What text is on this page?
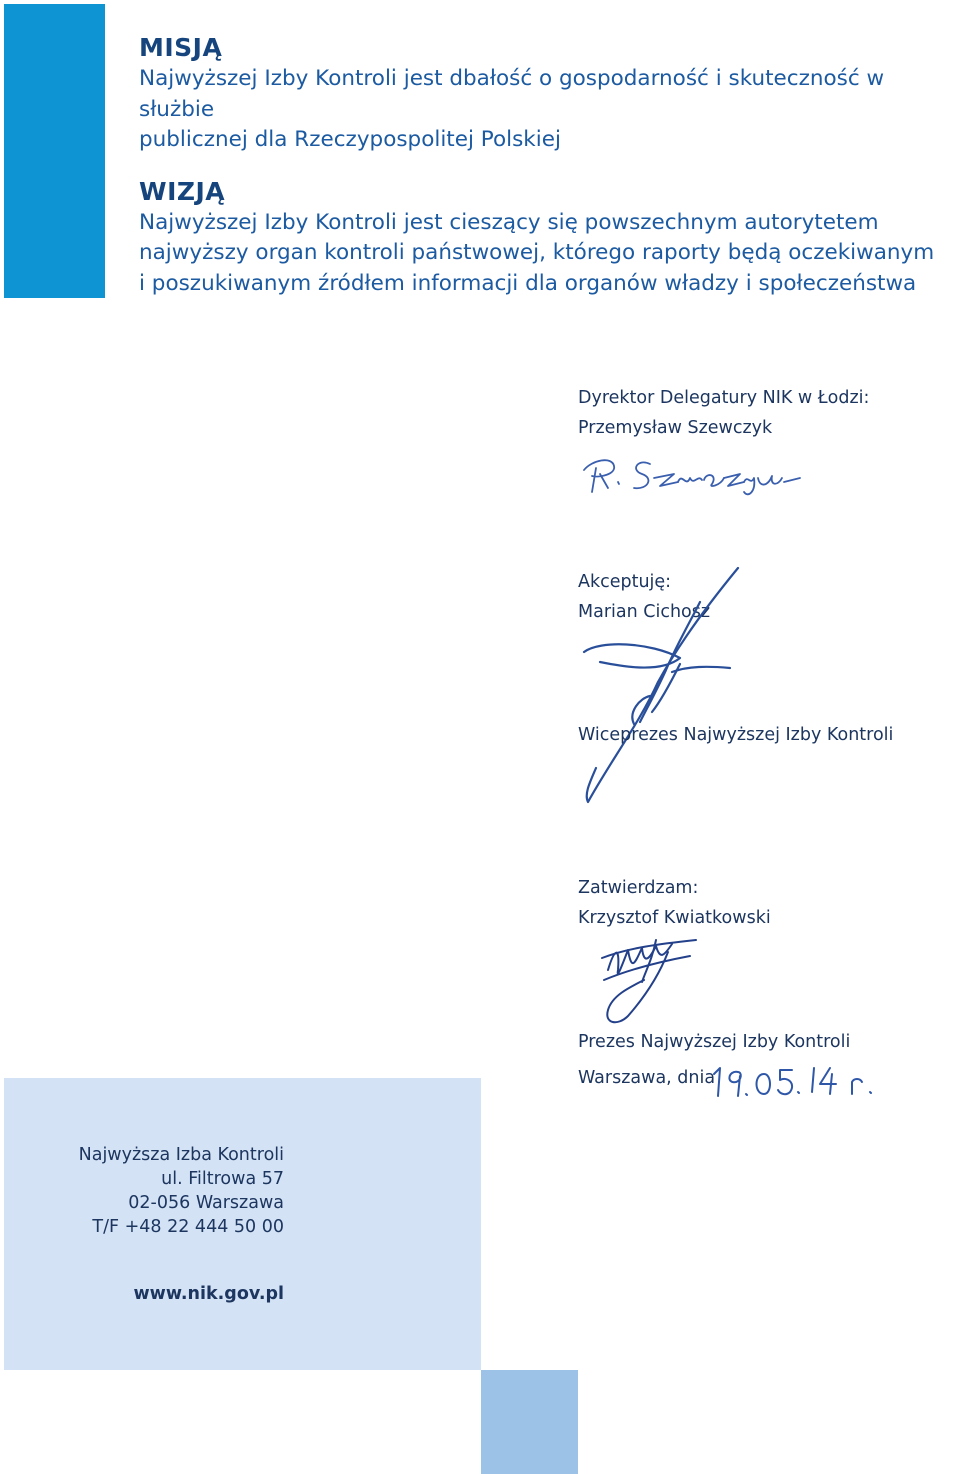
MISJĄ

Najwyższej Izby Kontroli jest dbałość o gospodarność i skuteczność w służbie

publicznej dla Rzeczypospolitej Polskiej

WIZJĄ

Najwyższej Izby Kontroli jest cieszący się powszechnym autorytetem

najwyższy organ kontroli państwowej, którego raporty będą oczekiwanym

i poszukiwanym źródłem informacji dla organów władzy i społeczeństwa

Dyrektor Delegatury NIK w Łodzi:

Przemysław Szewczyk

Akceptuję:

Marian Cichosz

Wiceprezes Najwyższej Izby Kontroli

Zatwierdzam:

Krzysztof Kwiatkowski

Prezes Najwyższej Izby Kontroli

Warszawa, dnia

Najwyższa Izba Kontroli

ul. Filtrowa 57

02-056 Warszawa

T/F +48 22 444 50 00

www.nik.gov.pl
